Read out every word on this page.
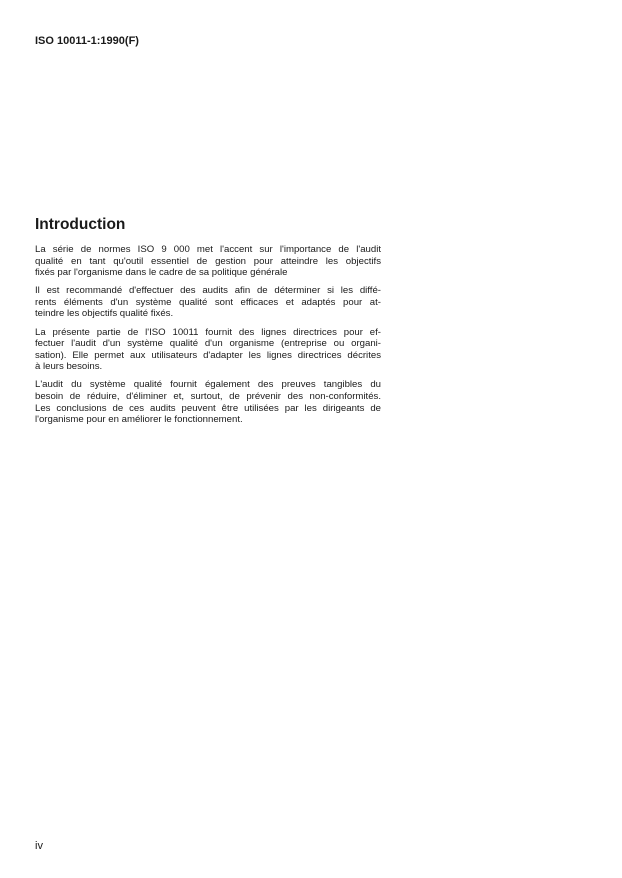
ISO 10011-1:1990(F)
Introduction
La série de normes ISO 9 000 met l'accent sur l'importance de l'audit
qualité en tant qu'outil essentiel de gestion pour atteindre les objectifs
fixés par l'organisme dans le cadre de sa politique générale
Il est recommandé d'effectuer des audits afin de déterminer si les diffé-
rents éléments d'un système qualité sont efficaces et adaptés pour at-
teindre les objectifs qualité fixés.
La présente partie de l'ISO 10011 fournit des lignes directrices pour ef-
fectuer l'audit d'un système qualité d'un organisme (entreprise ou organi-
sation). Elle permet aux utilisateurs d'adapter les lignes directrices décrites
à leurs besoins.
L'audit du système qualité fournit également des preuves tangibles du
besoin de réduire, d'éliminer et, surtout, de prévenir des non-conformités.
Les conclusions de ces audits peuvent être utilisées par les dirigeants de
l'organisme pour en améliorer le fonctionnement.
iv
